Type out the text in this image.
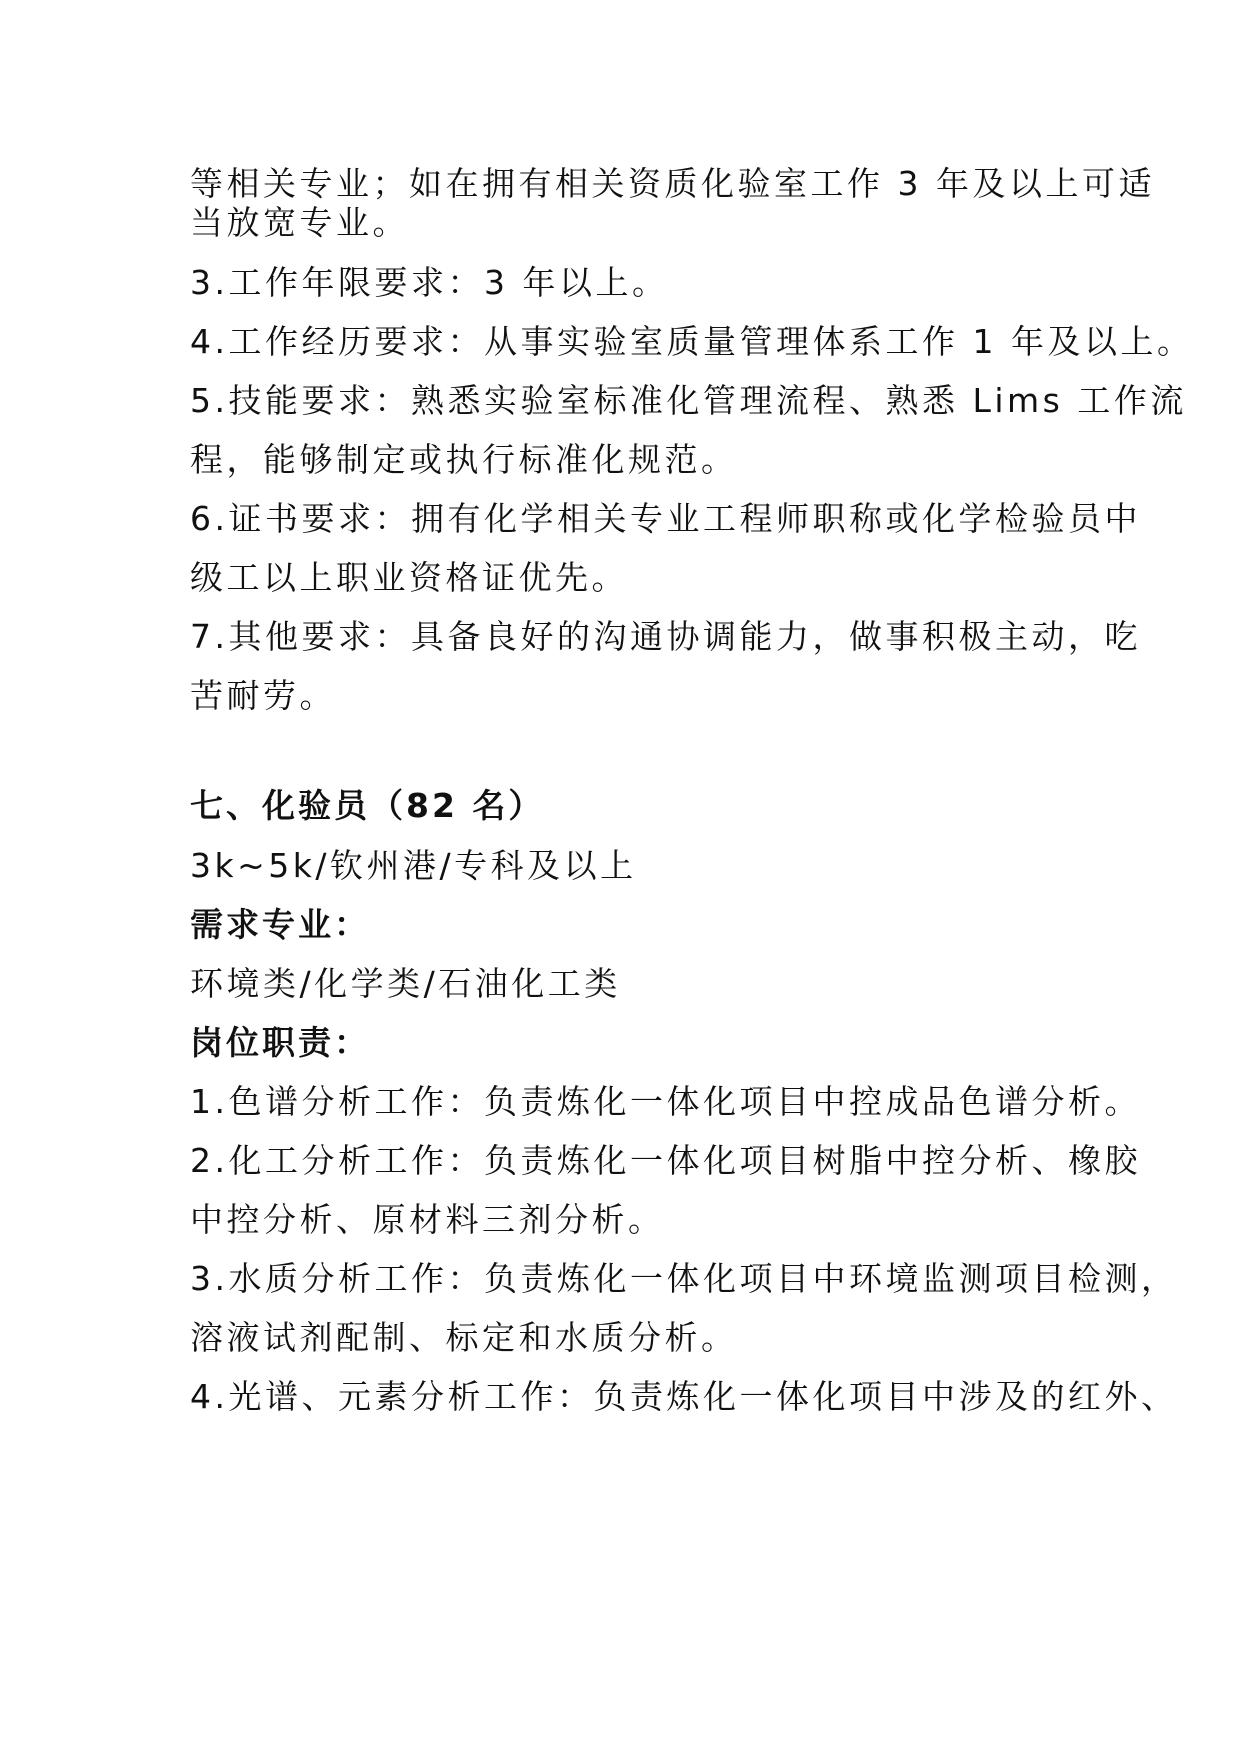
等相关专业；如在拥有相关资质化验室工作 3 年及以上可适
当放宽专业。
3.工作年限要求：3 年以上。
4.工作经历要求：从事实验室质量管理体系工作 1 年及以上。
5.技能要求：熟悉实验室标准化管理流程、熟悉 Lims 工作流
程，能够制定或执行标准化规范。
6.证书要求：拥有化学相关专业工程师职称或化学检验员中
级工以上职业资格证优先。
7.其他要求：具备良好的沟通协调能力，做事积极主动，吃
苦耐劳。
七、化验员（82 名）
3k~5k/钦州港/专科及以上
需求专业：
环境类/化学类/石油化工类
岗位职责：
1.色谱分析工作：负责炼化一体化项目中控成品色谱分析。
2.化工分析工作：负责炼化一体化项目树脂中控分析、橡胶
中控分析、原材料三剂分析。
3.水质分析工作：负责炼化一体化项目中环境监测项目检测，
溶液试剂配制、标定和水质分析。
4.光谱、元素分析工作：负责炼化一体化项目中涉及的红外、
